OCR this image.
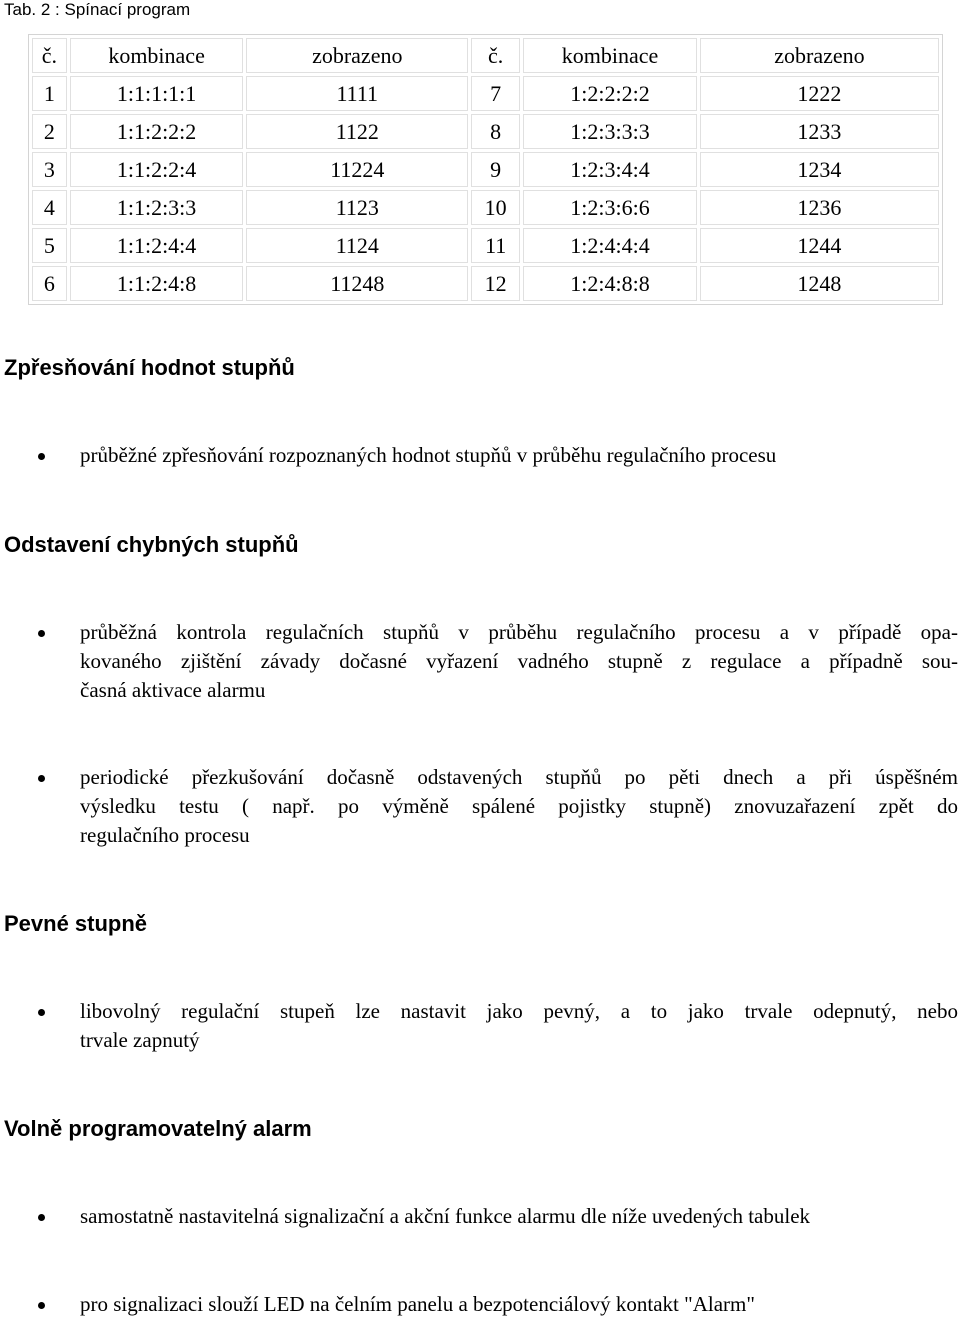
Tab. 2 : Spínací program
č.	kombinace	zobrazeno	č.	kombinace	zobrazeno
1	1:1:1:1:1	1111	7	1:2:2:2:2	1222
2	1:1:2:2:2	1122	8	1:2:3:3:3	1233
3	1:1:2:2:4	11224	9	1:2:3:4:4	1234
4	1:1:2:3:3	1123	10	1:2:3:6:6	1236
5	1:1:2:4:4	1124	11	1:2:4:4:4	1244
6	1:1:2:4:8	11248	12	1:2:4:8:8	1248
Zpřesňování hodnot stupňů
průběžné zpřesňování rozpoznaných hodnot stupňů v průběhu regulačního procesu
Odstavení chybných stupňů
průběžná kontrola regulačních stupňů v průběhu regulačního procesu a v případě opa-
kovaného zjištění závady dočasné vyřazení vadného stupně z regulace a případně sou-
časná aktivace alarmu
periodické přezkušování dočasně odstavených stupňů po pěti dnech a při úspěšném
výsledku testu ( např. po výměně spálené pojistky stupně) znovuzařazení zpět do
regulačního procesu
Pevné stupně
libovolný regulační stupeň lze nastavit jako pevný, a to jako trvale odepnutý, nebo
trvale zapnutý
Volně programovatelný alarm
samostatně nastavitelná signalizační a akční funkce alarmu dle níže uvedených tabulek
pro signalizaci slouží LED na čelním panelu a bezpotenciálový kontakt "Alarm"
